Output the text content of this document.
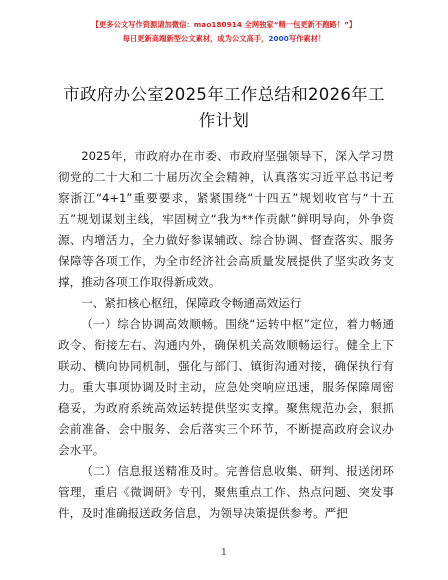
【更多公文写作资源请加微信：mao180914 全网独家“精一包更新不跑路！”】
每日更新高端新型公文素材，成为公文高手，2000写作素材！
市政府办公室2025年工作总结和2026年工作计划

2025年，市政府办在市委、市政府坚强领导下，深入学习贯彻党的二十大和二十届历次全会精神，认真落实习近平总书记考察浙江“4+1”重要要求，紧紧围绕“十四五”规划收官与“十五五”规划谋划主线，牢固树立“我为**作贡献”鲜明导向，外争资源、内增活力，全力做好参谋辅政、综合协调、督查落实、服务保障等各项工作，为全市经济社会高质量发展提供了坚实政务支撑，推动各项工作取得新成效。

一、紧扣核心枢纽，保障政令畅通高效运行

（一）综合协调高效顺畅。围绕“运转中枢”定位，着力畅通政令、衔接左右、沟通内外，确保机关高效顺畅运行。健全上下联动、横向协同机制，强化与部门、镇街沟通对接，确保执行有力。重大事项协调及时主动，应急处突响应迅速，服务保障周密稳妥，为政府系统高效运转提供坚实支撑。聚焦规范办会，狠抓会前准备、会中服务、会后落实三个环节，不断提高政府会议办会水平。

（二）信息报送精准及时。完善信息收集、研判、报送闭环管理，重启《微调研》专刊，聚焦重点工作、热点问题、突发事件，及时准确报送政务信息，为领导决策提供参考。严把

1
